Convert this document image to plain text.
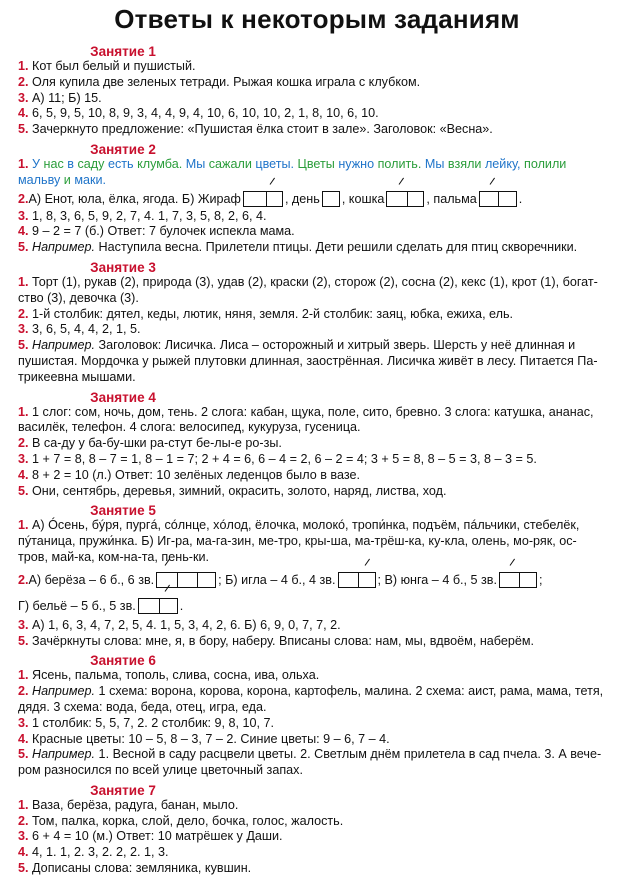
Ответы к некоторым заданиям

Занятие 1

1. Кот был белый и пушистый.

2. Оля купила две зеленых тетради. Рыжая кошка играла с клубком.

3. А) 11; Б) 15.

4. 6, 5, 9, 5, 10, 8, 9, 3, 4, 4, 9, 4, 10, 6, 10, 10, 2, 1, 8, 10, 6, 10.

5. Зачеркнуто предложение: «Пушистая ёлка стоит в зале». Заголовок: «Весна».

Занятие 2

1. У нас в саду есть клумба. Мы сажали цветы. Цветы нужно полить. Мы взяли лейку, полили

мальву и маки.

2. А) Енот, юла, ёлка, ягода. Б) Жираф	, день , кошка	, пальма	.

3. 1, 8, 3, 6, 5, 9, 2, 7, 4. 1, 7, 3, 5, 8, 2, 6, 4.

4. 9 – 2 = 7 (б.) Ответ: 7 булочек испекла мама.

5. Например. Наступила весна. Прилетели птицы. Дети решили сделать для птиц скворечники.

Занятие 3

1. Торт (1), рукав (2), природа (3), удав (2), краски (2), сторож (2), сосна (2), кекс (1), крот (1), богат-

ство (3), девочка (3).

2. 1-й столбик: дятел, кеды, лютик, няня, земля. 2-й столбик: заяц, юбка, ежиха, ель.

3. 3, 6, 5, 4, 4, 2, 1, 5.

5. Например. Заголовок: Лисичка. Лиса – осторожный и хитрый зверь. Шерсть у неё длинная и

пушистая. Мордочка у рыжей плутовки длинная, заострённая. Лисичка живёт в лесу. Питается Па-

трикеевна мышами.

Занятие 4

1. 1 слог: сом, ночь, дом, тень. 2 слога: кабан, щука, поле, сито, бревно. 3 слога: катушка, ананас,

василёк, телефон. 4 слога: велосипед, кукуруза, гусеница.

2. В са-ду у ба-бу-шки ра-стут бе-лы-е ро-зы.

3. 1 + 7 = 8, 8 – 7 = 1, 8 – 1 = 7; 2 + 4 = 6, 6 – 4 = 2, 6 – 2 = 4; 3 + 5 = 8, 8 – 5 = 3, 8 – 3 = 5.

4. 8 + 2 = 10 (л.) Ответ: 10 зелёных леденцов было в вазе.

5. Они, сентябрь, деревья, зимний, окрасить, золото, наряд, листва, ход.

Занятие 5

1. А) Óсень, бýря, пургá, сóлнце, хóлод, ёлочка, молокó, тропи́нка, подъём, пáльчики, стебелёк,

пýтаница, пружи́нка. Б) Иг-ра, ма-га-зин, ме-тро, кры-ша, ма-трёш-ка, ку-кла, олень, мо-ряк, ос-

тров, май-ка, ком-на-та, пень-ки.

2. А) берёза – 6 б., 6 зв.	; Б) игла – 4 б., 4 зв.	; В) юнга – 4 б., 5 зв.	;
Г) бельё – 5 б., 5 зв.	.

3. А) 1, 6, 3, 4, 7, 2, 5, 4. 1, 5, 3, 4, 2, 6. Б) 6, 9, 0, 7, 7, 2.

5. Зачёркнуты слова: мне, я, в бору, наберу. Вписаны слова: нам, мы, вдвоём, наберём.

Занятие 6

1. Ясень, пальма, тополь, слива, сосна, ива, ольха.

2. Например. 1 схема: ворона, корова, корона, картофель, малина. 2 схема: аист, рама, мама, тетя,

дядя. 3 схема: вода, беда, отец, игра, еда.

3. 1 столбик: 5, 5, 7, 2. 2 столбик: 9, 8, 10, 7.

4. Красные цветы: 10 – 5, 8 – 3, 7 – 2. Синие цветы: 9 – 6, 7 – 4.

5. Например. 1. Весной в саду расцвели цветы. 2. Светлым днём прилетела в сад пчела. 3. А вече-

ром разносился по всей улице цветочный запах.

Занятие 7

1. Ваза, берёза, радуга, банан, мыло.

2. Том, палка, корка, слой, дело, бочка, голос, жалость.

3. 6 + 4 = 10 (м.) Ответ: 10 матрёшек у Даши.

4. 4, 1. 1, 2. 3, 2. 2, 2. 1, 3.

5. Дописаны слова: земляника, кувшин.
